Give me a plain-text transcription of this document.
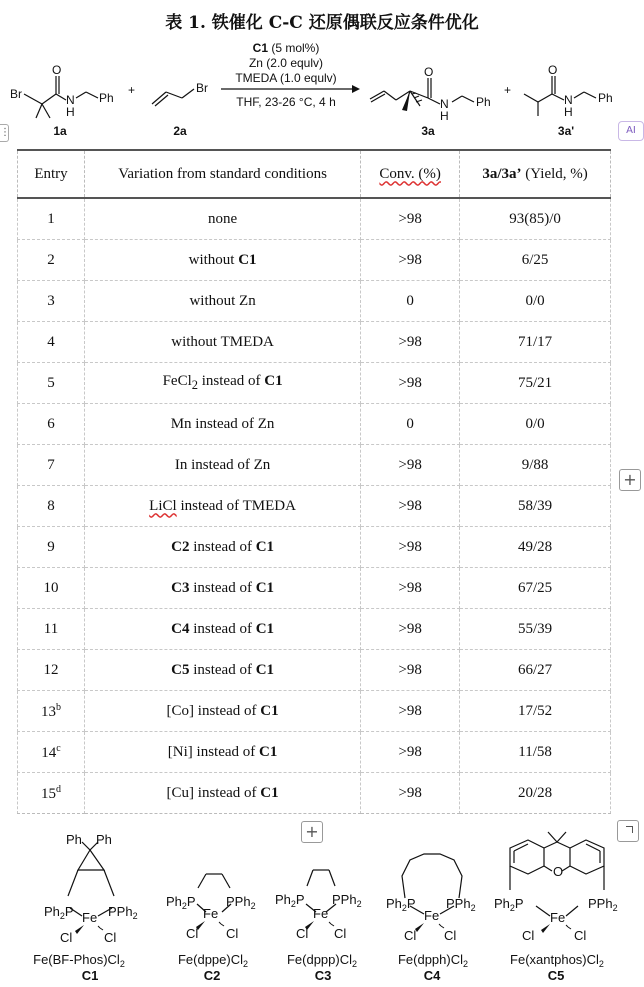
表 1. 铁催化 C-C 还原偶联反应条件优化
Br
O
N
H
Ph
Br
O
N
H
Ph
O
N
H
Ph
+	+
1a	2a	3a	3a'
C1 (5 mol%)
Zn (2.0 equlv)
TMEDA (1.0 equlv)
THF, 23-26 °C, 4 h
⋮	AI
Entry	Variation from standard conditions	Conv. (%)	3a/3a’ (Yield, %)
1	none	>98	93(85)/0
2	without C1	>98	6/25
3	without Zn	0	0/0
4	without TMEDA	>98	71/17
5	FeCl$_2$ instead of C1	>98	75/21
6	Mn instead of Zn	0	0/0
7	In instead of Zn	>98	9/88
8	LiCl instead of TMEDA	>98	58/39
9	C2 instead of C1	>98	49/28
10	C3 instead of C1	>98	67/25
11	C4 instead of C1	>98	55/39
12	C5 instead of C1	>98	66/27
13$^b$	[Co] instead of C1	>98	17/52
14$^c$	[Ni] instead of C1	>98	11/58
15$^d$	[Cu] instead of C1	>98	20/28
+
+
Ph Ph
$Ph_2P$	PPh$_2$
Fe
Cl Cl
$Ph_2P$ PPh$_2$
Fe
Cl Cl
$Ph_2P$ PPh$_2$
Fe
Cl Cl
$Ph_2P$ PPh$_2$
Fe
Cl Cl
O
$Ph_2P$	PPh$_2$
Fe
Cl	Cl
$Fe(BF-Phos)Cl_2$	$Fe(dppe)Cl_2$	$Fe(dppp)Cl_2$	$Fe(dpph)Cl_2$	$Fe(xantphos)Cl_2$
C1	C2	C3	C4	C5
